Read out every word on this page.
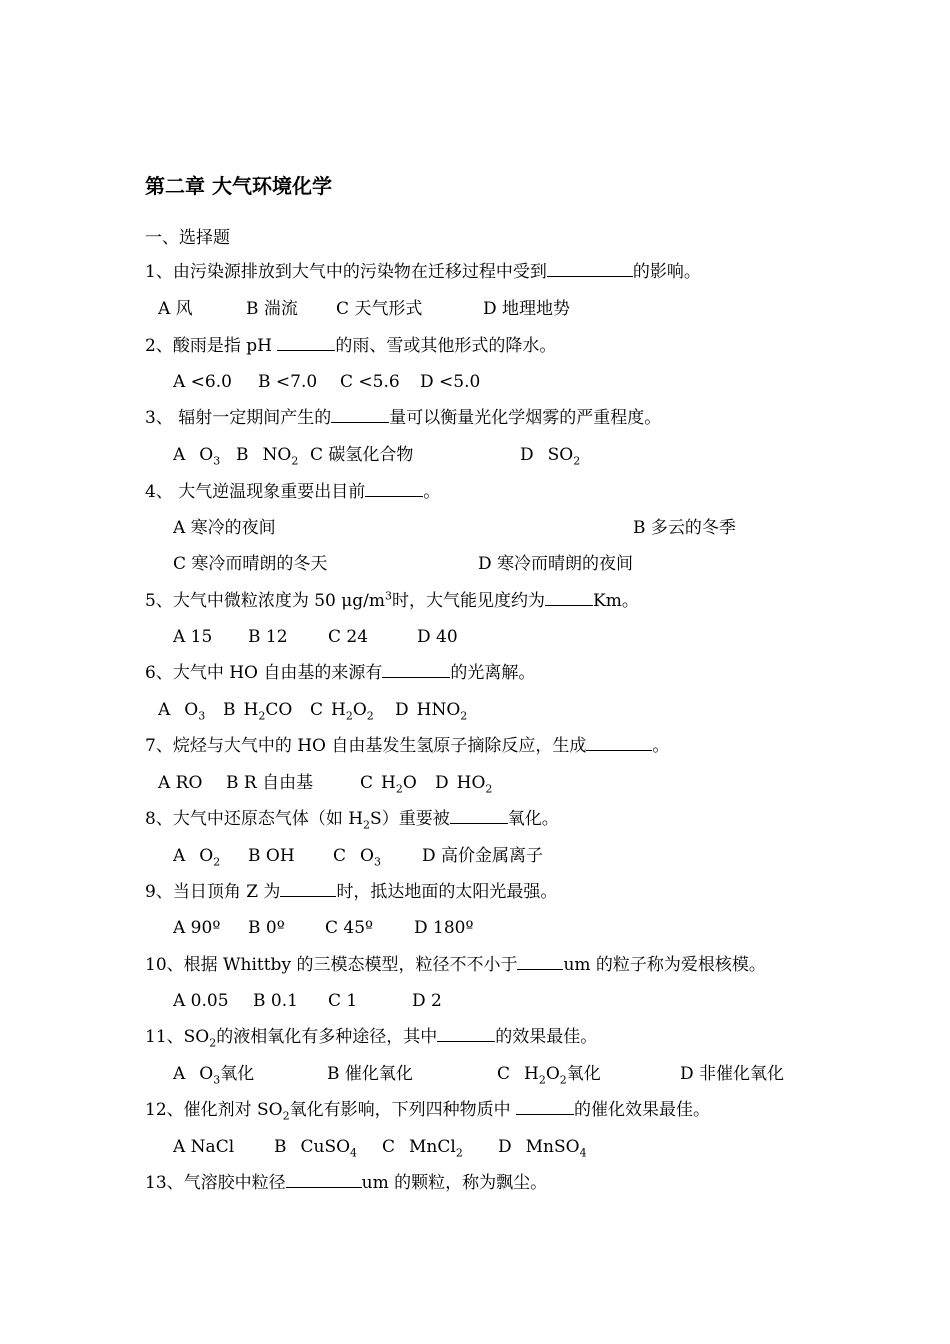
第二章 大气环境化学
一、选择题
1、由污染源排放到大气中的污染物在迁移过程中受到	的影响。
A 风	B 湍流 C 天气形式	D 地理地势
2、酸雨是指 pH	的雨、雪或其他形式的降水。
A <6.0 B <7.0 C <5.6 D <5.0
3、 辐射一定期间产生的	量可以衡量光化学烟雾的严重程度。
A $O_3$ B $NO_2$ C 碳氢化合物	D $SO_2$
4、 大气逆温现象重要出目前	。
A 寒冷的夜间	B 多云的冬季
C 寒冷而晴朗的冬天	D 寒冷而晴朗的夜间
5、大气中微粒浓度为 50 $\mu g/m^3$时，大气能见度约为	Km。
A 15 B 12 C 24	D 40
6、大气中 HO 自由基的来源有	的光离解。
A $O_3$ B $H_2CO$ C $H_2O_2$ D $HNO_2$
7、烷烃与大气中的 HO 自由基发生氢原子摘除反应，生成	。
A RO B R 自由基	C $H_2O$ D $HO_2$
8、大气中还原态气体（如 $H_2S$）重要被	氧化。
A $O_2$ B OH C $O_3$ D 高价金属离子
9、当日顶角 Z 为	时，抵达地面的太阳光最强。
A 90º B 0º C 45º D 180º
10、根据 Whittby 的三模态模型，粒径不不小于	um 的粒子称为爱根核模。
A 0.05 B 0.1 C 1	D 2
11、$SO_2$的液相氧化有多种途径，其中	的效果最佳。
A $O_3$氧化	B 催化氧化	C $H_2O_2$氧化	D 非催化氧化
12、催化剂对 $SO_2$氧化有影响，下列四种物质中	的催化效果最佳。
A NaCl B CuSO$_4$ C MnCl$_2$ D MnSO$_4$
13、气溶胶中粒径	um 的颗粒，称为飘尘。
